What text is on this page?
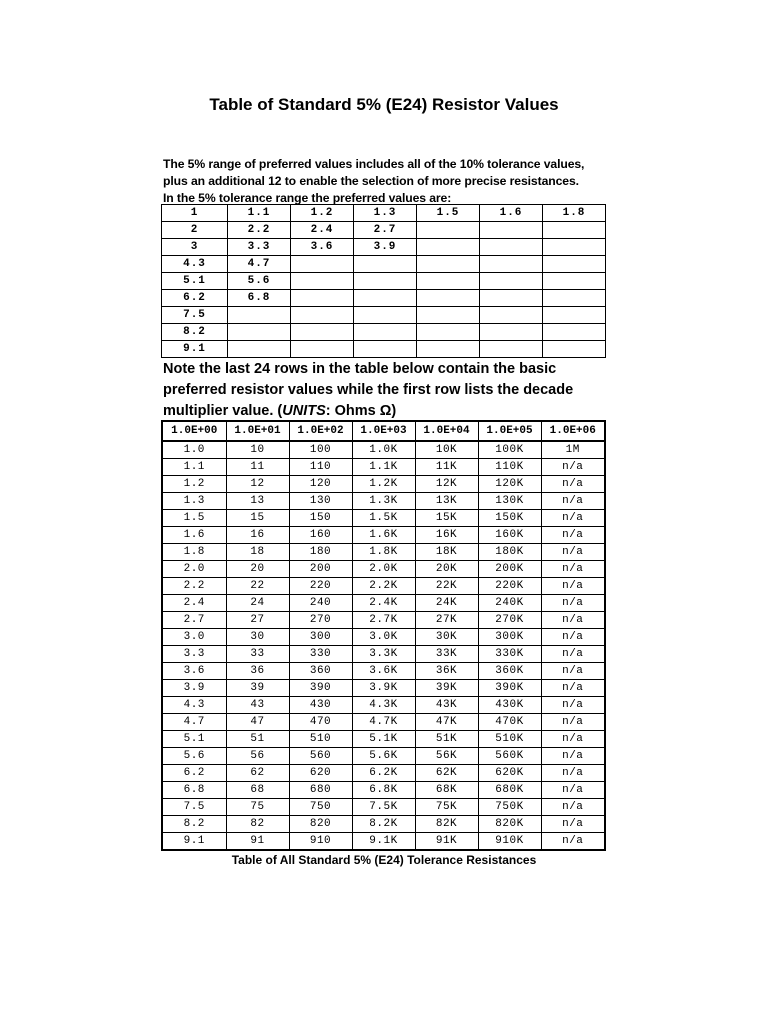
Table of Standard 5% (E24) Resistor Values
The 5% range of preferred values includes all of the 10% tolerance values,
plus an additional 12 to enable the selection of more precise resistances.
In the 5% tolerance range the preferred values are:
1	1.1	1.2	1.3	1.5	1.6	1.8
2	2.2	2.4	2.7			
3	3.3	3.6	3.9			
4.3	4.7					
5.1	5.6					
6.2	6.8					
7.5						
8.2						
9.1						
Note the last 24 rows in the table below contain the basic
preferred resistor values while the first row lists the decade
multiplier value. (UNITS: Ohms Ω)
1.0E+00	1.0E+01	1.0E+02	1.0E+03	1.0E+04	1.0E+05	1.0E+06
1.0	10	100	1.0K	10K	100K	1M
1.1	11	110	1.1K	11K	110K	n/a
1.2	12	120	1.2K	12K	120K	n/a
1.3	13	130	1.3K	13K	130K	n/a
1.5	15	150	1.5K	15K	150K	n/a
1.6	16	160	1.6K	16K	160K	n/a
1.8	18	180	1.8K	18K	180K	n/a
2.0	20	200	2.0K	20K	200K	n/a
2.2	22	220	2.2K	22K	220K	n/a
2.4	24	240	2.4K	24K	240K	n/a
2.7	27	270	2.7K	27K	270K	n/a
3.0	30	300	3.0K	30K	300K	n/a
3.3	33	330	3.3K	33K	330K	n/a
3.6	36	360	3.6K	36K	360K	n/a
3.9	39	390	3.9K	39K	390K	n/a
4.3	43	430	4.3K	43K	430K	n/a
4.7	47	470	4.7K	47K	470K	n/a
5.1	51	510	5.1K	51K	510K	n/a
5.6	56	560	5.6K	56K	560K	n/a
6.2	62	620	6.2K	62K	620K	n/a
6.8	68	680	6.8K	68K	680K	n/a
7.5	75	750	7.5K	75K	750K	n/a
8.2	82	820	8.2K	82K	820K	n/a
9.1	91	910	9.1K	91K	910K	n/a
Table of All Standard 5% (E24) Tolerance Resistances
